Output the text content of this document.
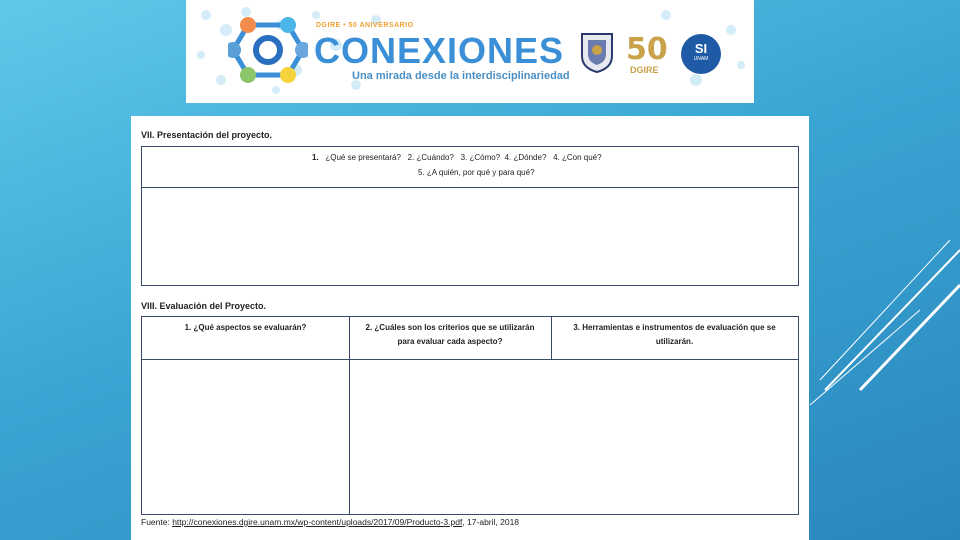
DGIRE • 50 ANIVERSARIO
CONEXIONES
Una mirada desde la interdisciplinariedad
50
DGIRE
SI
UNAM
VII. Presentación del proyecto.
1. ¿Qué se presentará? 2. ¿Cuándo? 3. ¿Cómo? 4. ¿Dónde? 4. ¿Con qué?
5. ¿A quién, por qué y para qué?
VIII. Evaluación del Proyecto.
1. ¿Qué aspectos se evaluarán?	2. ¿Cuáles son los criterios que se utilizarán
para evaluar cada aspecto?
3. Herramientas e instrumentos de evaluación que se
utilizarán.
Fuente: http://conexiones.dgire.unam.mx/wp-content/uploads/2017/09/Producto-3.pdf, 17-abril, 2018
